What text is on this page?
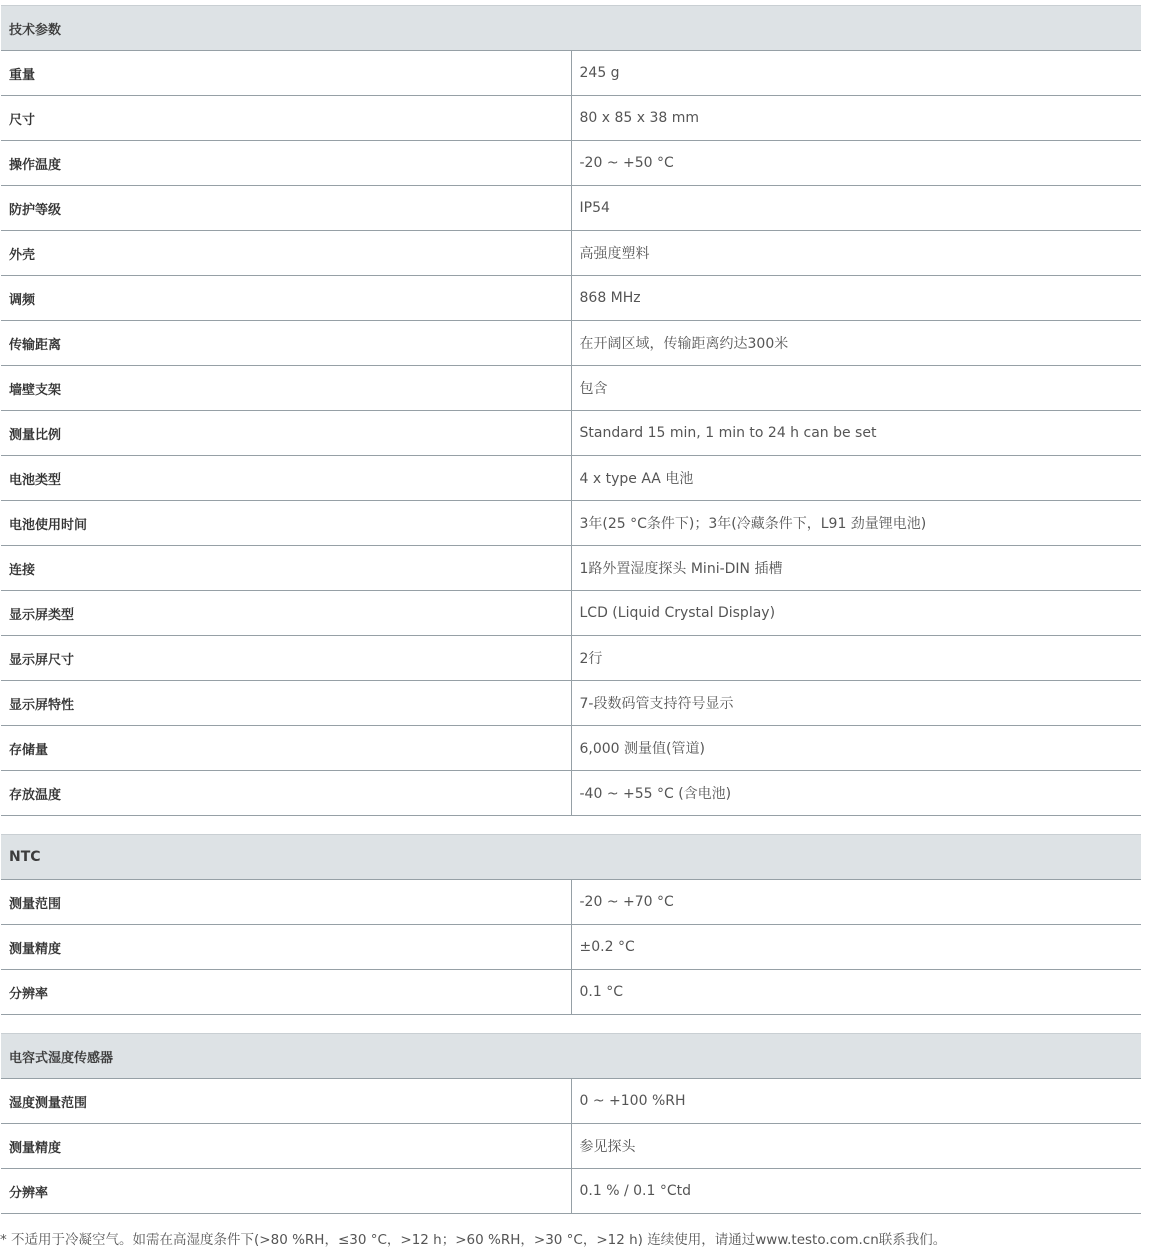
技术参数	
重量	245 g
尺寸	80 x 85 x 38 mm
操作温度	-20 ~ +50 °C
防护等级	IP54
外壳	高强度塑料
调频	868 MHz
传输距离	在开阔区域，传输距离约达300米
墙壁支架	包含
测量比例	Standard 15 min, 1 min to 24 h can be set
电池类型	4 x type AA 电池
电池使用时间	3年(25 °C条件下)；3年(冷藏条件下，L91 劲量锂电池)
连接	1路外置湿度探头 Mini-DIN 插槽
显示屏类型	LCD (Liquid Crystal Display)
显示屏尺寸	2行
显示屏特性	7-段数码管支持符号显示
存储量	6,000 测量值(管道)
存放温度	-40 ~ +55 °C (含电池)
NTC	
测量范围	-20 ~ +70 °C
测量精度	±0.2 °C
分辨率	0.1 °C
电容式湿度传感器	
湿度测量范围	0 ~ +100 %RH
测量精度	参见探头
分辨率	0.1 % / 0.1 °Ctd
* 不适用于冷凝空气。如需在高湿度条件下(>80 %RH，≤30 °C，>12 h；>60 %RH，>30 °C，>12 h) 连续使用，请通过www.testo.com.cn联系我们。
